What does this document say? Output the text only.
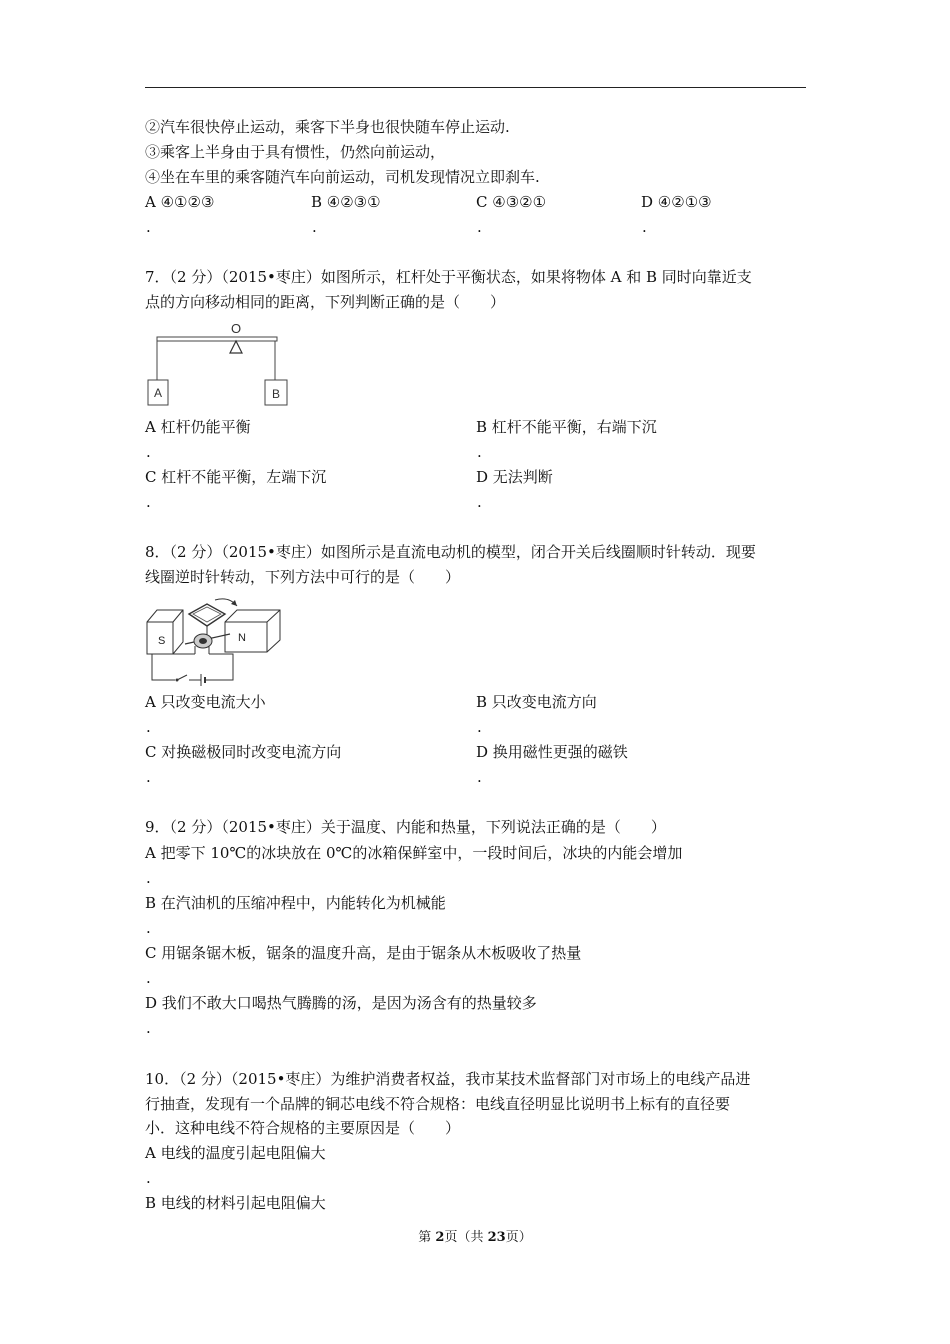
②汽车很快停止运动，乘客下半身也很快随车停止运动.
③乘客上半身由于具有惯性，仍然向前运动，
④坐在车里的乘客随汽车向前运动，司机发现情况立即刹车.
A ④①②③	B ④②③①	C ④③②①	D ④②①③
.	.	.	.
7．（2 分）（2015•枣庄）如图所示，杠杆处于平衡状态，如果将物体 A 和 B 同时向靠近支
点的方向移动相同的距离，下列判断正确的是（　　）
O
A	B
A 杠杆仍能平衡	B 杠杆不能平衡，右端下沉
.	.
C 杠杆不能平衡，左端下沉	D 无法判断
.	.
8．（2 分）（2015•枣庄）如图所示是直流电动机的模型，闭合开关后线圈顺时针转动．现要
线圈逆时针转动，下列方法中可行的是（　　）
S	N
A 只改变电流大小	B 只改变电流方向
.	.
C 对换磁极同时改变电流方向	D 换用磁性更强的磁铁
.	.
9．（2 分）（2015•枣庄）关于温度、内能和热量，下列说法正确的是（　　）
A 把零下 10℃的冰块放在 0℃的冰箱保鲜室中，一段时间后，冰块的内能会增加
.
B 在汽油机的压缩冲程中，内能转化为机械能
.
C 用锯条锯木板，锯条的温度升高，是由于锯条从木板吸收了热量
.
D 我们不敢大口喝热气腾腾的汤，是因为汤含有的热量较多
.
10．（2 分）（2015•枣庄）为维护消费者权益，我市某技术监督部门对市场上的电线产品进
行抽查，发现有一个品牌的铜芯电线不符合规格：电线直径明显比说明书上标有的直径要
小．这种电线不符合规格的主要原因是（　　）
A 电线的温度引起电阻偏大
.
B 电线的材料引起电阻偏大
第 2页（共 23页）
